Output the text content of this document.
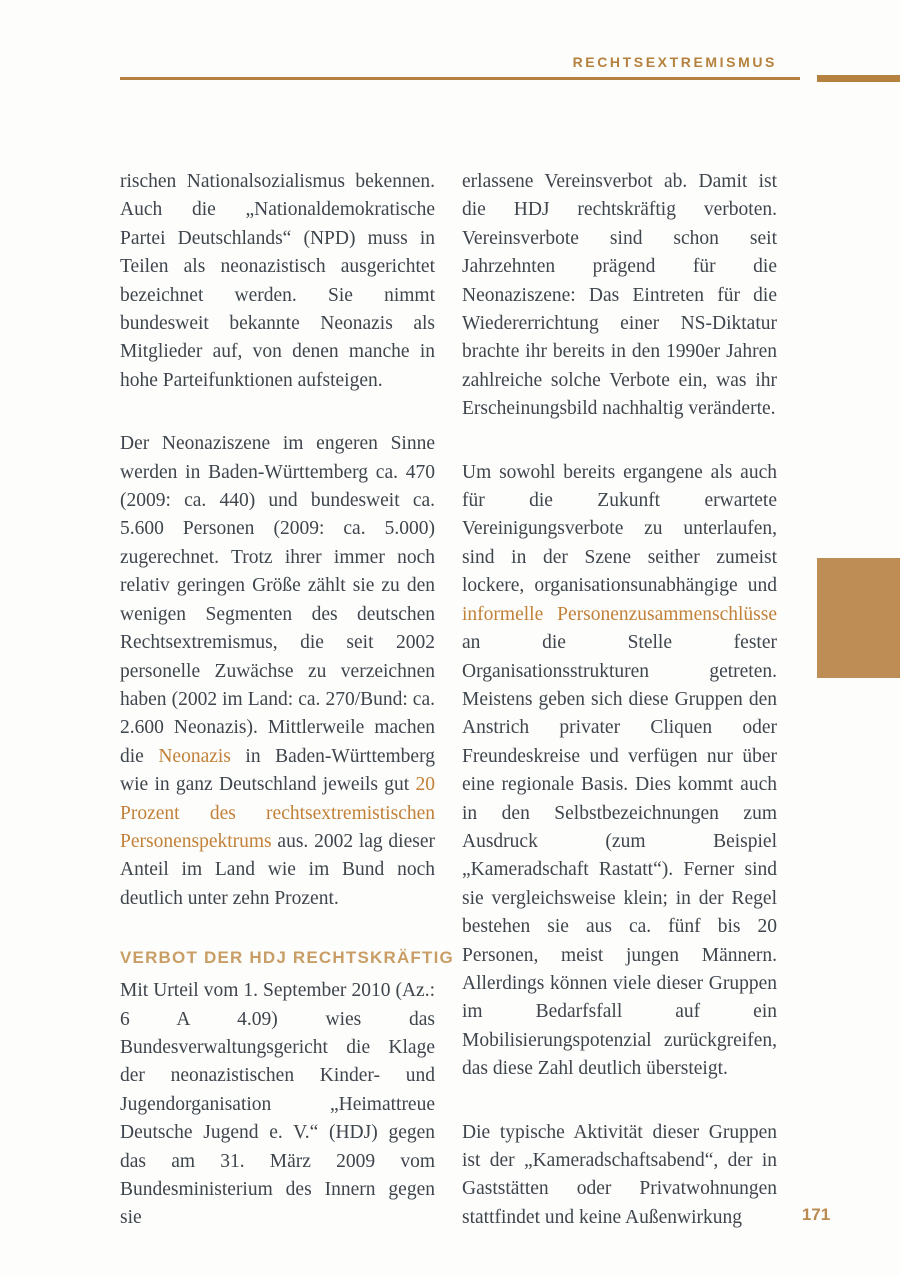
RECHTSEXTREMISMUS

rischen Nationalsozialismus bekennen. Auch die „Nationaldemokratische Partei Deutschlands“ (NPD) muss in Teilen als neonazistisch ausgerichtet bezeichnet werden. Sie nimmt bundesweit bekannte Neonazis als Mitglieder auf, von denen manche in hohe Parteifunktionen aufsteigen.

Der Neonaziszene im engeren Sinne werden in Baden-Württemberg ca. 470 (2009: ca. 440) und bundesweit ca. 5.600 Personen (2009: ca. 5.000) zugerechnet. Trotz ihrer immer noch relativ geringen Größe zählt sie zu den wenigen Segmenten des deutschen Rechtsextremismus, die seit 2002 personelle Zuwächse zu verzeichnen haben (2002 im Land: ca. 270/Bund: ca. 2.600 Neonazis). Mittlerweile machen die Neonazis in Baden-Württemberg wie in ganz Deutschland jeweils gut 20 Prozent des rechtsextremistischen Personenspektrums aus. 2002 lag dieser Anteil im Land wie im Bund noch deutlich unter zehn Prozent.

VERBOT DER HDJ RECHTSKRÄFTIG

Mit Urteil vom 1. September 2010 (Az.: 6 A 4.09) wies das Bundesverwaltungsgericht die Klage der neonazistischen Kinder- und Jugendorganisation „Heimattreue Deutsche Jugend e. V.“ (HDJ) gegen das am 31. März 2009 vom Bundesministerium des Innern gegen sie

erlassene Vereinsverbot ab. Damit ist die HDJ rechtskräftig verboten. Vereinsverbote sind schon seit Jahrzehnten prägend für die Neonaziszene: Das Eintreten für die Wiedererrichtung einer NS-Diktatur brachte ihr bereits in den 1990er Jahren zahlreiche solche Verbote ein, was ihr Erscheinungsbild nachhaltig veränderte.

Um sowohl bereits ergangene als auch für die Zukunft erwartete Vereinigungsverbote zu unterlaufen, sind in der Szene seither zumeist lockere, organisationsunabhängige und informelle Personenzusammenschlüsse an die Stelle fester Organisationsstrukturen getreten. Meistens geben sich diese Gruppen den Anstrich privater Cliquen oder Freundeskreise und verfügen nur über eine regionale Basis. Dies kommt auch in den Selbstbezeichnungen zum Ausdruck (zum Beispiel „Kameradschaft Rastatt“). Ferner sind sie vergleichsweise klein; in der Regel bestehen sie aus ca. fünf bis 20 Personen, meist jungen Männern. Allerdings können viele dieser Gruppen im Bedarfsfall auf ein Mobilisierungspotenzial zurückgreifen, das diese Zahl deutlich übersteigt.

Die typische Aktivität dieser Gruppen ist der „Kameradschaftsabend“, der in Gaststätten oder Privatwohnungen stattfindet und keine Außenwirkung	171
